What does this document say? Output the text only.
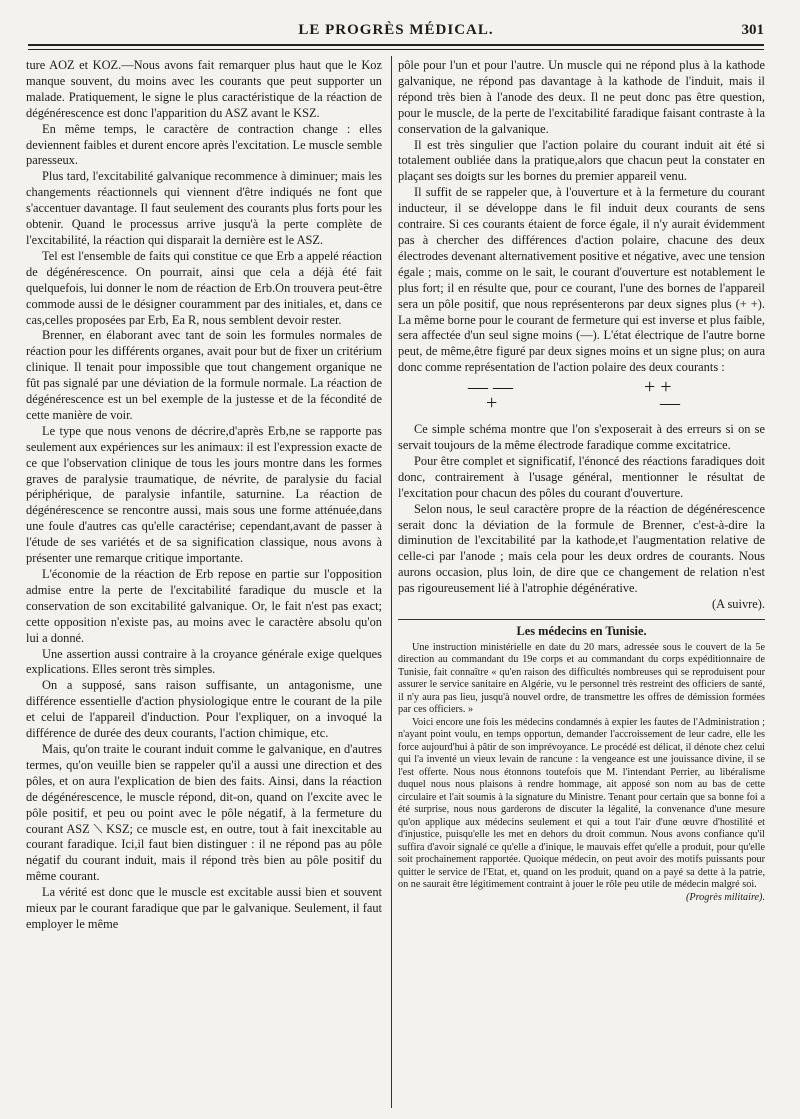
LE PROGRÈS MÉDICAL.	301

ture AOZ et KOZ.—Nous avons fait remarquer plus haut que le Koz manque souvent, du moins avec les courants que peut supporter un malade. Pratiquement, le signe le plus caractéristique de la réaction de dégénérescence est donc l'apparition du ASZ avant le KSZ.

En même temps, le caractère de contraction change : elles deviennent faibles et durent encore après l'excitation. Le muscle semble paresseux.

Plus tard, l'excitabilité galvanique recommence à diminuer; mais les changements réactionnels qui viennent d'être indiqués ne font que s'accentuer davantage. Il faut seulement des courants plus forts pour les obtenir. Quand le processus arrive jusqu'à la perte complète de l'excitabilité, la réaction qui disparait la dernière est le ASZ.

Tel est l'ensemble de faits qui constitue ce que Erb a appelé réaction de dégénérescence. On pourrait, ainsi que cela a déjà été fait quelquefois, lui donner le nom de réaction de Erb.On trouvera peut-être commode aussi de le désigner couramment par des initiales, et, dans ce cas,celles proposées par Erb, Ea R, nous semblent devoir rester.

Brenner, en élaborant avec tant de soin les formules normales de réaction pour les différents organes, avait pour but de fixer un critérium clinique. Il tenait pour impossible que tout changement organique ne fût pas signalé par une déviation de la formule normale. La réaction de dégénérescence est un bel exemple de la justesse et de la fécondité de cette manière de voir.

Le type que nous venons de décrire,d'après Erb,ne se rapporte pas seulement aux expériences sur les animaux: il est l'expression exacte de ce que l'observation clinique de tous les jours montre dans les formes graves de paralysie traumatique, de névrite, de paralysie du facial périphérique, de paralysie infantile, saturnine. La réaction de dégénérescence se rencontre aussi, mais sous une forme atténuée,dans une foule d'autres cas qu'elle caractérise; cependant,avant de passer à l'étude de ses variétés et de sa signification classique, nous avons à présenter une remarque critique importante.

L'économie de la réaction de Erb repose en partie sur l'opposition admise entre la perte de l'excitabilité faradique du muscle et la conservation de son excitabilité galvanique. Or, le fait n'est pas exact; cette opposition n'existe pas, au moins avec le caractère absolu qu'on lui a donné.

Une assertion aussi contraire à la croyance générale exige quelques explications. Elles seront très simples.

On a supposé, sans raison suffisante, un antagonisme, une différence essentielle d'action physiologique entre le courant de la pile et celui de l'appareil d'induction. Pour l'expliquer, on a invoqué la différence de durée des deux courants, l'action chimique, etc.

Mais, qu'on traite le courant induit comme le galvanique, en d'autres termes, qu'on veuille bien se rappeler qu'il a aussi une direction et des pôles, et on aura l'explication de bien des faits. Ainsi, dans la réaction de dégénérescence, le muscle répond, dit-on, quand on l'excite avec le pôle positif, et peu ou point avec le pôle négatif, à la fermeture du courant ASZ ⟍ KSZ; ce muscle est, en outre, tout à fait inexcitable au courant faradique. Ici,il faut bien distinguer : il ne répond pas au pôle négatif du courant induit, mais il répond très bien au pôle positif du même courant.

La vérité est donc que le muscle est excitable aussi bien et souvent mieux par le courant faradique que par le galvanique. Seulement, il faut employer le même

pôle pour l'un et pour l'autre. Un muscle qui ne répond plus à la kathode galvanique, ne répond pas davantage à la kathode de l'induit, mais il répond très bien à l'anode des deux. Il ne peut donc pas être question, pour le muscle, de la perte de l'excitabilité faradique faisant contraste à la conservation de la galvanique.

Il est très singulier que l'action polaire du courant induit ait été si totalement oubliée dans la pratique,alors que chacun peut la constater en plaçant ses doigts sur les bornes du premier appareil venu.

Il suffit de se rappeler que, à l'ouverture et à la fermeture du courant inducteur, il se développe dans le fil induit deux courants de sens contraire. Si ces courants étaient de force égale, il n'y aurait évidemment pas à chercher des différences d'action polaire, chacune des deux électrodes devenant alternativement positive et négative, avec une tension égale ; mais, comme on le sait, le courant d'ouverture est notablement le plus fort; il en résulte que, pour ce courant, l'une des bornes de l'appareil sera un pôle positif, que nous représenterons par deux signes plus (+ +). La même borne pour le courant de fermeture qui est inverse et plus faible, sera affectée d'un seul signe moins (—). L'état électrique de l'autre borne peut, de même,être figuré par deux signes moins et un signe plus; on aura donc comme représentation de l'action polaire des deux courants :

— —
+
+ +
—

Ce simple schéma montre que l'on s'exposerait à des erreurs si on se servait toujours de la même électrode faradique comme excitatrice.

Pour être complet et significatif, l'énoncé des réactions faradiques doit donc, contrairement à l'usage général, mentionner le résultat de l'excitation pour chacun des pôles du courant d'ouverture.

Selon nous, le seul caractère propre de la réaction de dégénérescence serait donc la déviation de la formule de Brenner, c'est-à-dire la diminution de l'excitabilité par la kathode,et l'augmentation relative de celle-ci par l'anode ; mais cela pour les deux ordres de courants. Nous aurons occasion, plus loin, de dire que ce changement de relation n'est pas rigoureusement lié à l'atrophie dégénérative.

(A suivre).

Les médecins en Tunisie.

Une instruction ministérielle en date du 20 mars, adressée sous le couvert de la 5e direction au commandant du 19e corps et au commandant du corps expéditionnaire de Tunisie, fait connaître « qu'en raison des difficultés nombreuses qui se reproduisent pour assurer le service sanitaire en Algérie, vu le personnel très restreint des officiers de santé, il n'y aura pas lieu, jusqu'à nouvel ordre, de transmettre les offres de démission formées par ces officiers. »

Voici encore une fois les médecins condamnés à expier les fautes de l'Administration ; n'ayant point voulu, en temps opportun, demander l'accroissement de leur cadre, elle les force aujourd'hui à pâtir de son imprévoyance. Le procédé est délicat, il dénote chez celui qui l'a inventé un vieux levain de rancune : la vengeance est une jouissance divine, il se l'est offerte. Nous nous étonnons toutefois que M. l'intendant Perrier, au libéralisme duquel nous nous plaisons à rendre hommage, ait apposé son nom au bas de cette circulaire et l'ait soumis à la signature du Ministre. Tenant pour certain que sa bonne foi a été surprise, nous nous garderons de discuter la légalité, la convenance d'une mesure qu'on applique aux médecins seulement et qui a tout l'air d'une œuvre d'hostilité et d'injustice, puisqu'elle les met en dehors du droit commun. Nous avons confiance qu'il suffira d'avoir signalé ce qu'elle a d'inique, le mauvais effet qu'elle a produit, pour qu'elle soit prochainement rapportée. Quoique médecin, on peut avoir des motifs puissants pour quitter le service de l'Etat, et, quand on les produit, quand on a payé sa dette à la patrie, on ne saurait être légitimement contraint à jouer le rôle peu utile de médecin malgré soi.

(Progrès militaire).
